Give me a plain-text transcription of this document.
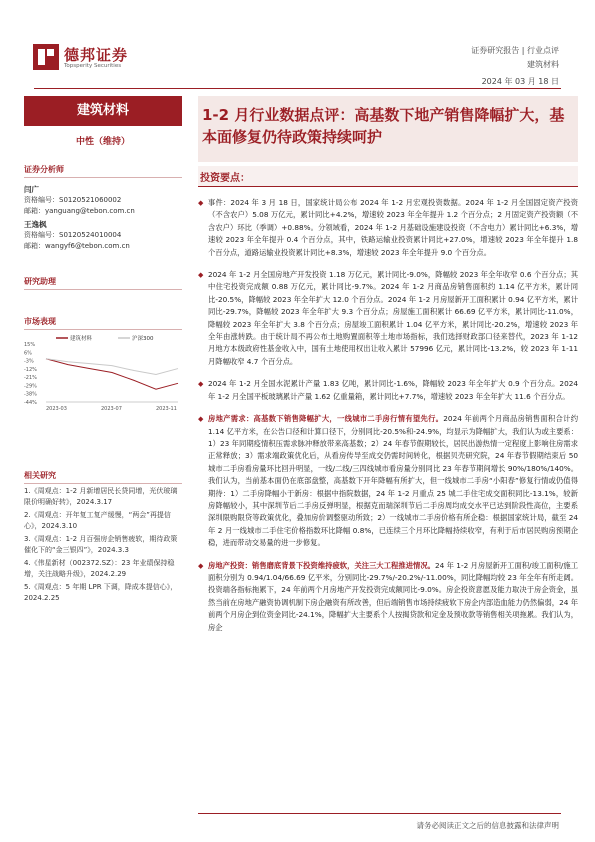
德邦证券
Topsperity Securities
证券研究报告 | 行业点评
建筑材料
2024 年 03 月 18 日
建筑材料
中性（维持）
证券分析师
闫广
资格编号：S0120521060002
邮箱：yanguang@tebon.com.cn
王逸枫
资格编号：S0120524010004
邮箱：wangyf6@tebon.com.cn
研究助理
市场表现
15%
6%
-3%
-12%
-21%
-29%
-38%
-44%
2023-03	2023-07	2023-11
建筑材料	沪深300
相关研究

1.《周观点：1-2 月新增居民长贷同增，光伏玻璃限价明确好转》，2024.3.17

2.《周观点：开年复工复产缓慢，“两会”再提信心》，2024.3.10

3.《周观点：1-2 月百强房企销售疲软，期待政策催化下的“金三银四”》，2024.3.3

4.《伟星新材（002372.SZ）：23 年业绩保持稳增，关注战略升级》，2024.2.29

5.《周观点：5 年期 LPR 下调，降成本提信心》，2024.2.25

1-2 月行业数据点评：高基数下地产销售降幅扩大，基本面修复仍待政策持续呵护
投资要点：
◆ 事件：2024 年 3 月 18 日，国家统计局公布 2024 年 1-2 月宏观投资数据。2024 年 1-2 月全国固定资产投资（不含农户）5.08 万亿元，累计同比+4.2%，增速较 2023 年全年提升 1.2 个百分点；2 月固定资产投资额（不含农户）环比（季调）+0.88%。分领域看，2024 年 1-2 月基础设施建设投资（不含电力）累计同比+6.3%，增速较 2023 年全年提升 0.4 个百分点，其中，铁路运输业投资累计同比+27.0%，增速较 2023 年全年提升 1.8 个百分点，道路运输业投资累计同比+8.3%，增速较 2023 年全年提升 9.0 个百分点。
◆ 2024 年 1-2 月全国房地产开发投资 1.18 万亿元，累计同比-9.0%，降幅较 2023 年全年收窄 0.6 个百分点；其中住宅投资完成额 0.88 万亿元，累计同比-9.7%。2024 年 1-2 月商品房销售面积约 1.14 亿平方米，累计同比-20.5%，降幅较 2023 年全年扩大 12.0 个百分点。2024 年 1-2 月房屋新开工面积累计 0.94 亿平方米，累计同比-29.7%，降幅较 2023 年全年扩大 9.3 个百分点；房屋施工面积累计 66.69 亿平方米，累计同比-11.0%，降幅较 2023 年全年扩大 3.8 个百分点；房屋竣工面积累计 1.04 亿平方米，累计同比-20.2%，增速较 2023 年全年由涨转跌。由于统计局不再公布土地购置面积等土地市场指标，我们选择财政部口径来替代，2023 年 1-12 月地方本级政府性基金收入中，国有土地使用权出让收入累计 57996 亿元，累计同比-13.2%，较 2023 年 1-11 月降幅收窄 4.7 个百分点。
◆ 2024 年 1-2 月全国水泥累计产量 1.83 亿吨，累计同比-1.6%，降幅较 2023 年全年扩大 0.9 个百分点。2024 年 1-2 月全国平板玻璃累计产量 1.62 亿重量箱，累计同比+7.7%，增速较 2023 年全年扩大 11.6 个百分点。
◆ 房地产需求：高基数下销售降幅扩大，一线城市二手房行情有望先行。2024 年前两个月商品房销售面积合计约 1.14 亿平方米，在公告口径和计算口径下，分别同比-20.5%和-24.9%，均显示为降幅扩大，我们认为或主要系：1）23 年同期疫情积压需求脉冲释放带来高基数；2）24 年春节假期较长，居民出游热情一定程度上影响住房需求正常释放；3）需求端政策优化后，从看房传导至成交仍需时间转化，根据贝壳研究院，24 年春节假期结束后 50 城市二手房看房量环比回升明显，一线/二线/三四线城市看房量分别同比 23 年春节期间增长 90%/180%/140%。我们认为，当前基本面仍在底部盘整，高基数下开年降幅有所扩大，但一线城市二手房“小阳春”修复行情或仍值得期待：1）二手房降幅小于新房：根据中指院数据，24 年 1-2 月重点 25 城二手住宅成交面积同比-13.1%，较新房降幅较小，其中深圳节后二手房反弹明显，根据克而瑞深圳节后二手房周均成交水平已达到阶段性高位，主要系深圳限购限贷等政策优化，叠加房价调整驱动所致；2）一线城市二手房价格有所企稳：根据国家统计局，截至 24 年 2 月一线城市二手住宅价格指数环比降幅 0.8%，已连续三个月环比降幅持续收窄，有利于后市居民购房预期企稳，进而带动交易量的进一步修复。
◆ 房地产投资：销售磨底背景下投资维持疲软，关注三大工程推进情况。24 年 1-2 月房屋新开工面积/竣工面积/施工面积分别为 0.94/1.04/66.69 亿平米，分别同比-29.7%/-20.2%/-11.00%，同比降幅均较 23 年全年有所走阔。投资端各指标拖累下，24 年前两个月房地产开发投资完成额同比-9.0%。房企投资意愿及能力取决于房企资金，虽然当前在房地产融资协调机制下房企融资有所改善，但后端销售市场持续疲软下房企内部造血能力仍然偏弱，24 年前两个月房企到位资金同比-24.1%，降幅扩大主要系个人按揭贷款和定金及预收款等销售相关项拖累。我们认为，房企
请务必阅读正文之后的信息披露和法律声明
